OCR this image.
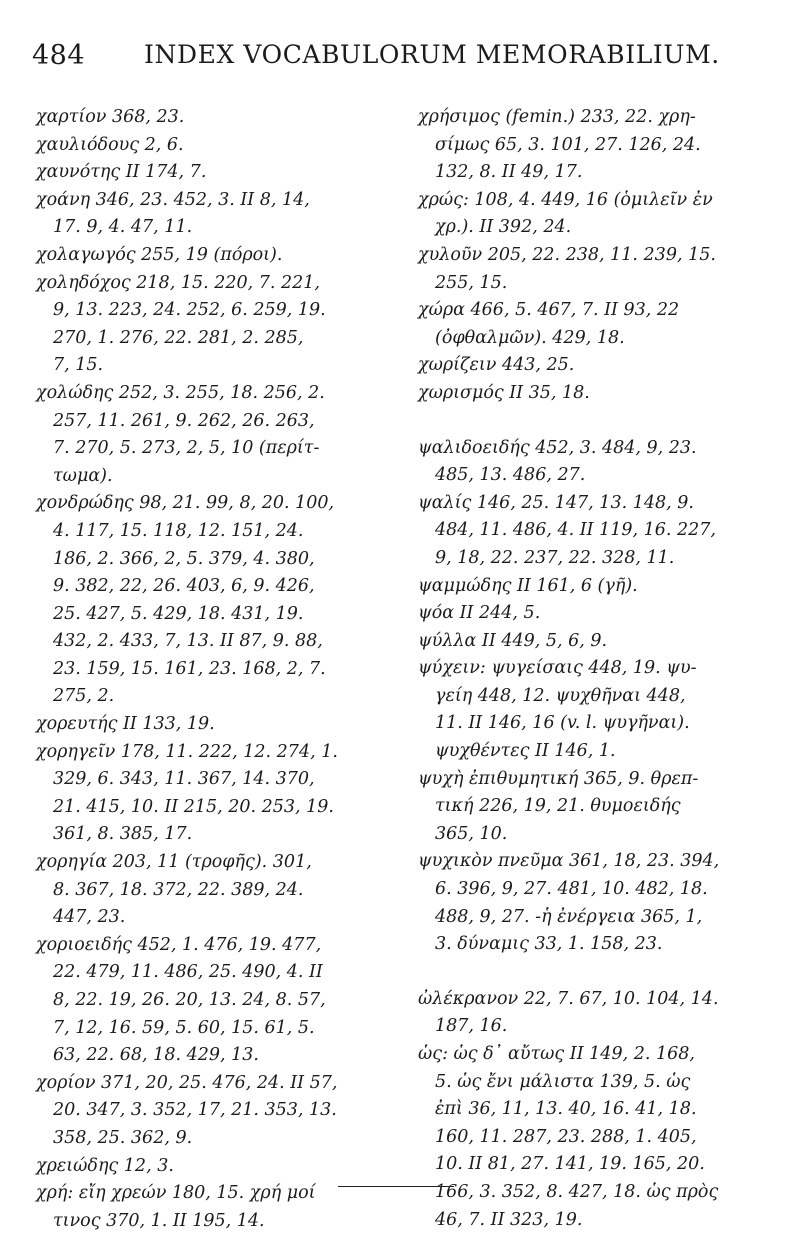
484 INDEX VOCABULORUM MEMORABILIUM.
χαρτίον 368, 23.
χαυλιόδους 2, 6.
χαυνότης II 174, 7.
χοάνη 346, 23. 452, 3. II 8, 14,
17. 9, 4. 47, 11.
χολαγωγός 255, 19 (πόροι).
χοληδόχος 218, 15. 220, 7. 221,
9, 13. 223, 24. 252, 6. 259, 19.
270, 1. 276, 22. 281, 2. 285,
7, 15.
χολώδης 252, 3. 255, 18. 256, 2.
257, 11. 261, 9. 262, 26. 263,
7. 270, 5. 273, 2, 5, 10 (περίτ-
τωμα).
χονδρώδης 98, 21. 99, 8, 20. 100,
4. 117, 15. 118, 12. 151, 24.
186, 2. 366, 2, 5. 379, 4. 380,
9. 382, 22, 26. 403, 6, 9. 426,
25. 427, 5. 429, 18. 431, 19.
432, 2. 433, 7, 13. II 87, 9. 88,
23. 159, 15. 161, 23. 168, 2, 7.
275, 2.
χορευτής II 133, 19.
χορηγεῖν 178, 11. 222, 12. 274, 1.
329, 6. 343, 11. 367, 14. 370,
21. 415, 10. II 215, 20. 253, 19.
361, 8. 385, 17.
χορηγία 203, 11 (τροφῆς). 301,
8. 367, 18. 372, 22. 389, 24.
447, 23.
χοριοειδής 452, 1. 476, 19. 477,
22. 479, 11. 486, 25. 490, 4. II
8, 22. 19, 26. 20, 13. 24, 8. 57,
7, 12, 16. 59, 5. 60, 15. 61, 5.
63, 22. 68, 18. 429, 13.
χορίον 371, 20, 25. 476, 24. II 57,
20. 347, 3. 352, 17, 21. 353, 13.
358, 25. 362, 9.
χρειώδης 12, 3.
χρή: εἴη χρεών 180, 15. χρή μοί
τινος 370, 1. II 195, 14.
χρήσιμος (femin.) 233, 22. χρη-
σίμως 65, 3. 101, 27. 126, 24.
132, 8. II 49, 17.
χρώς: 108, 4. 449, 16 (ὁμιλεῖν ἐν
χρ.). II 392, 24.
χυλοῦν 205, 22. 238, 11. 239, 15.
255, 15.
χώρα 466, 5. 467, 7. II 93, 22
(ὀφθαλμῶν). 429, 18.
χωρίζειν 443, 25.
χωρισμός II 35, 18.
ψαλιδοειδής 452, 3. 484, 9, 23.
485, 13. 486, 27.
ψαλίς 146, 25. 147, 13. 148, 9.
484, 11. 486, 4. II 119, 16. 227,
9, 18, 22. 237, 22. 328, 11.
ψαμμώδης II 161, 6 (γῆ).
ψόα II 244, 5.
ψύλλα II 449, 5, 6, 9.
ψύχειν: ψυγείσαις 448, 19. ψυ-
γείη 448, 12. ψυχθῆναι 448,
11. II 146, 16 (v. l. ψυγῆναι).
ψυχθέντες II 146, 1.
ψυχὴ ἐπιθυμητική 365, 9. θρεπ-
τική 226, 19, 21. θυμοειδής
365, 10.
ψυχικὸν πνεῦμα 361, 18, 23. 394,
6. 396, 9, 27. 481, 10. 482, 18.
488, 9, 27. -ἡ ἐνέργεια 365, 1,
3. δύναμις 33, 1. 158, 23.
ὠλέκρανον 22, 7. 67, 10. 104, 14.
187, 16.
ὡς: ὡς δ᾽ αὔτως II 149, 2. 168,
5. ὡς ἔνι μάλιστα 139, 5. ὡς
ἐπὶ 36, 11, 13. 40, 16. 41, 18.
160, 11. 287, 23. 288, 1. 405,
10. II 81, 27. 141, 19. 165, 20.
166, 3. 352, 8. 427, 18. ὡς πρὸς
46, 7. II 323, 19.
